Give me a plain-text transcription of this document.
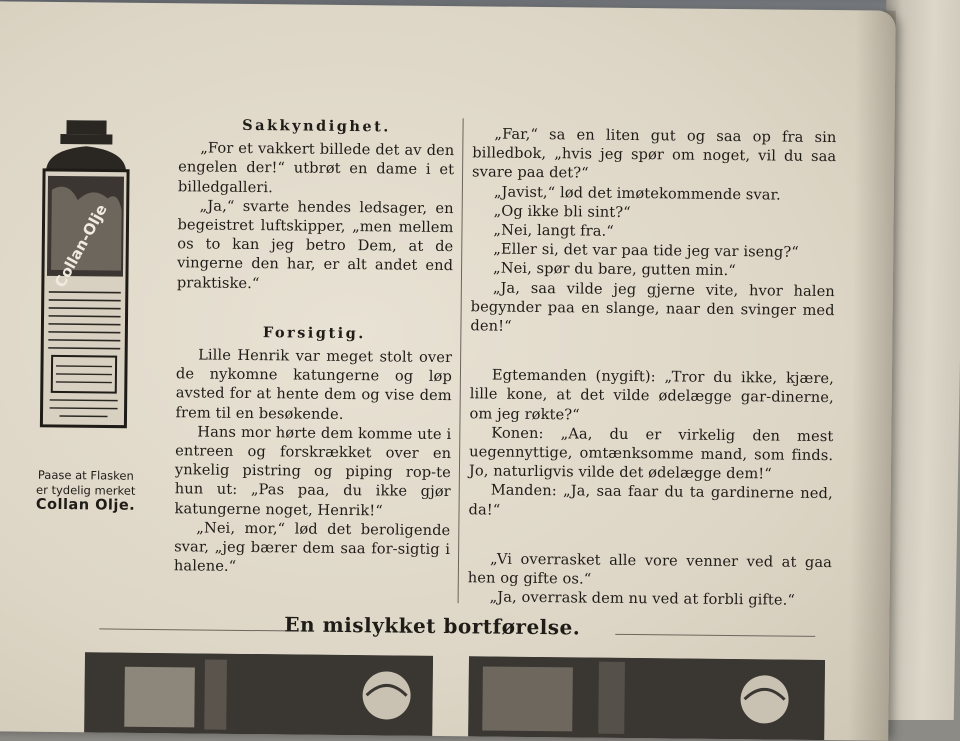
Collan-Olje
Paase at Flasken
er tydelig merket
Collan Olje.
Sakkyndighet.

„For et vakkert billede det av den engelen der!“ utbrøt en dame i et billedgalleri.

„Ja,“ svarte hendes ledsager, en begeistret luftskipper, „men mellem os to kan jeg betro Dem, at de vingerne den har, er alt andet end praktiske.“

Forsigtig.

Lille Henrik var meget stolt over de nykomne katungerne og løp avsted for at hente dem og vise dem frem til en besøkende.

Hans mor hørte dem komme ute i entreen og forskrækket over en ynkelig pistring og piping rop-te hun ut: „Pas paa, du ikke gjør katungerne noget, Henrik!“

„Nei, mor,“ lød det beroligende svar, „jeg bærer dem saa for-sigtig i halene.“

„Far,“ sa en liten gut og saa op fra sin billedbok, „hvis jeg spør om noget, vil du saa svare paa det?“

„Javist,“ lød det imøtekommende svar.

„Og ikke bli sint?“

„Nei, langt fra.“

„Eller si, det var paa tide jeg var iseng?“

„Nei, spør du bare, gutten min.“

„Ja, saa vilde jeg gjerne vite, hvor halen begynder paa en slange, naar den svinger med den!“

Egtemanden (nygift): „Tror du ikke, kjære, lille kone, at det vilde ødelægge gar-dinerne, om jeg røkte?“

Konen: „Aa, du er virkelig den mest uegennyttige, omtænksomme mand, som finds. Jo, naturligvis vilde det ødelægge dem!“

Manden: „Ja, saa faar du ta gardinerne ned, da!“

„Vi overrasket alle vore venner ved at gaa hen og gifte os.“

„Ja, overrask dem nu ved at forbli gifte.“

En mislykket bortførelse.
